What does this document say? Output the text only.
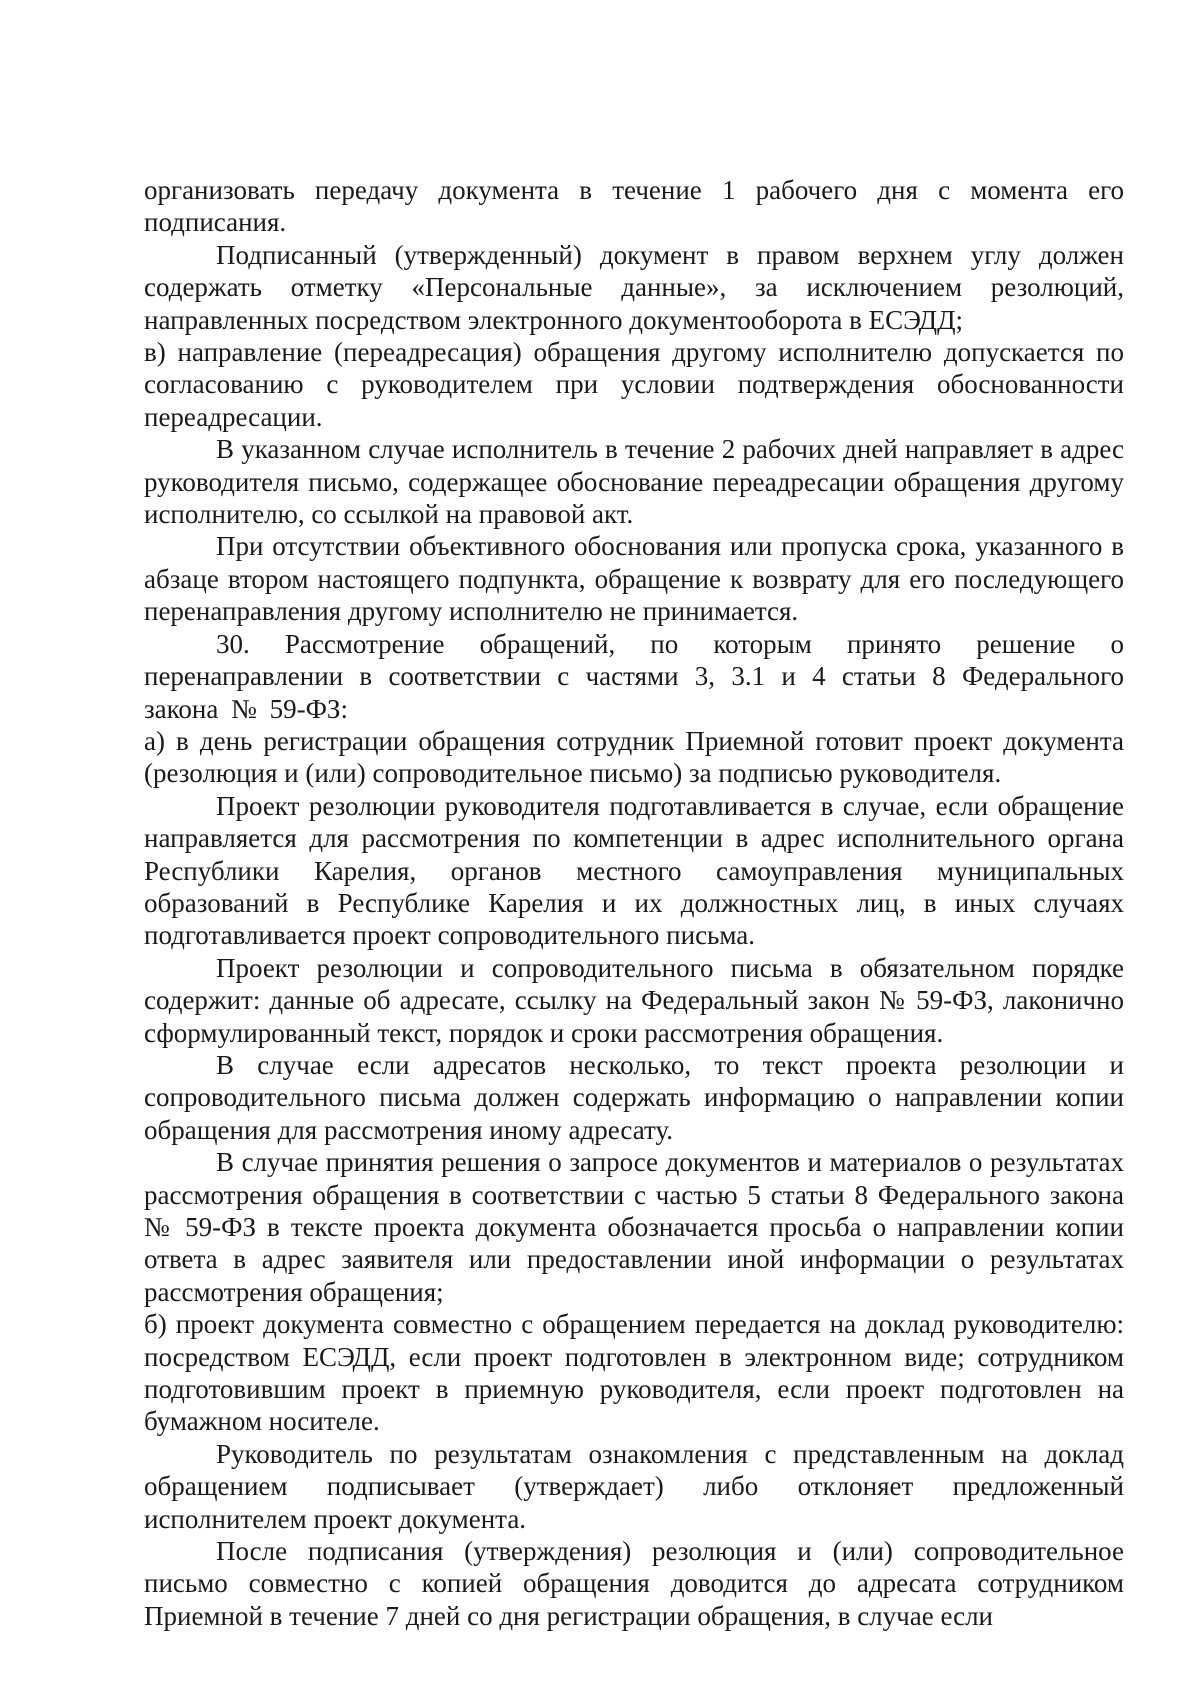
организовать передачу документа в течение 1 рабочего дня с момента его подписания.

Подписанный (утвержденный) документ в правом верхнем углу должен содержать отметку «Персональные данные», за исключением резолюций, направленных посредством электронного документооборота в ЕСЭДД;

в) направление (переадресация) обращения другому исполнителю допускается по согласованию с руководителем при условии подтверждения обоснованности переадресации.

В указанном случае исполнитель в течение 2 рабочих дней направляет в адрес руководителя письмо, содержащее обоснование переадресации обращения другому исполнителю, со ссылкой на правовой акт.

При отсутствии объективного обоснования или пропуска срока, указанного в абзаце втором настоящего подпункта, обращение к возврату для его последующего перенаправления другому исполнителю не принимается.

30. Рассмотрение обращений, по которым принято решение о перенаправлении в соответствии с частями 3, 3.1 и 4 статьи 8 Федерального закона № 59-ФЗ:

а) в день регистрации обращения сотрудник Приемной готовит проект документа (резолюция и (или) сопроводительное письмо) за подписью руководителя.

Проект резолюции руководителя подготавливается в случае, если обращение направляется для рассмотрения по компетенции в адрес исполнительного органа Республики Карелия, органов местного самоуправления муниципальных образований в Республике Карелия и их должностных лиц, в иных случаях подготавливается проект сопроводительного письма.

Проект резолюции и сопроводительного письма в обязательном порядке содержит: данные об адресате, ссылку на Федеральный закон № 59-ФЗ, лаконично сформулированный текст, порядок и сроки рассмотрения обращения.

В случае если адресатов несколько, то текст проекта резолюции и сопроводительного письма должен содержать информацию о направлении копии обращения для рассмотрения иному адресату.

В случае принятия решения о запросе документов и материалов о результатах рассмотрения обращения в соответствии с частью 5 статьи 8 Федерального закона № 59-ФЗ в тексте проекта документа обозначается просьба о направлении копии ответа в адрес заявителя или предоставлении иной информации о результатах рассмотрения обращения;

б) проект документа совместно с обращением передается на доклад руководителю: посредством ЕСЭДД, если проект подготовлен в электронном виде; сотрудником подготовившим проект в приемную руководителя, если проект подготовлен на бумажном носителе.

Руководитель по результатам ознакомления с представленным на доклад обращением подписывает (утверждает) либо отклоняет предложенный исполнителем проект документа.

После подписания (утверждения) резолюция и (или) сопроводительное письмо совместно с копией обращения доводится до адресата сотрудником Приемной в течение 7 дней со дня регистрации обращения, в случае если
